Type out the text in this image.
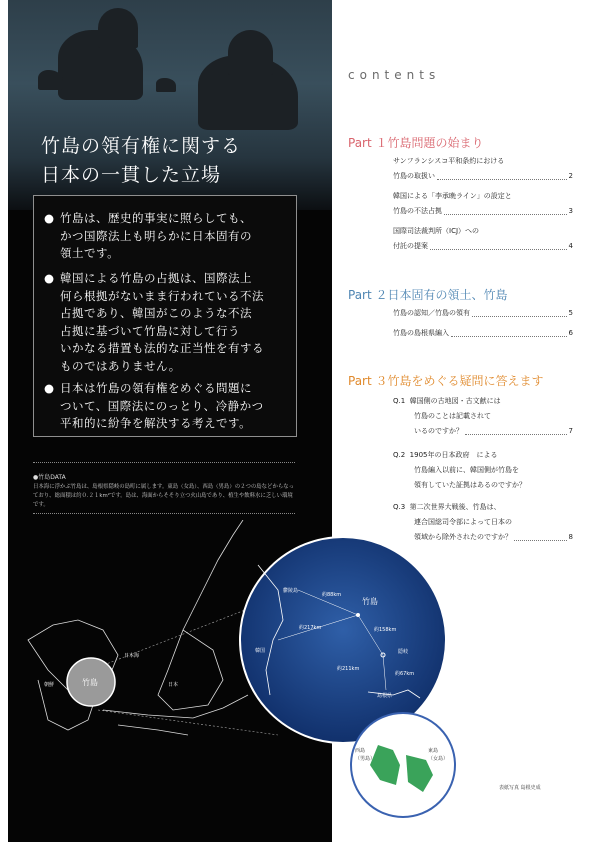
竹島の領有権に関する
日本の一貫した立場
● 竹島は、歴史的事実に照らしても、
かつ国際法上も明らかに日本固有の
領土です。
● 韓国による竹島の占拠は、国際法上
何ら根拠がないまま行われている不法
占拠であり、韓国がこのような不法
占拠に基づいて竹島に対して行う
いかなる措置も法的な正当性を有する
ものではありません。
● 日本は竹島の領有権をめぐる問題に
ついて、国際法にのっとり、冷静かつ
平和的に紛争を解決する考えです。
●竹島DATA
日本海に浮かぶ竹島は、島根県隠岐の島町に属します。東島（女島）、西島（男島）の２つの島などからなっており、総面積は約０.２１km²です。島は、海面からそそり立つ火山島であり、植生や飲料水に乏しい環境です。
日本海
朝鮮	竹島	日本
鬱陵島
竹島
韓国	隠岐
島根県
約88km
約217km	約158km
約211km
約67km
西島
（男島）
東島
（女島）
contents
Part １竹島問題の始まり
サンフランシスコ平和条約における
竹島の取扱い	2
韓国による「李承晩ライン」の設定と
竹島の不法占拠	3
国際司法裁判所（ICJ）への
付託の提案	4
Part ２日本固有の領土、竹島
竹島の認知／竹島の領有	5
竹島の島根県編入	6
Part ３竹島をめぐる疑問に答えます
Q.1 韓国側の古地図・古文献には
竹島のことは記載されて
いるのですか？	7
Q.2 1905年の日本政府　による
竹島編入以前に、韓国側が竹島を
領有していた証拠はあるのですか？
Q.3 第二次世界大戦後、竹島は、
連合国総司令部によって日本の
領域から除外されたのですか？	8
表紙写真 島根史成
